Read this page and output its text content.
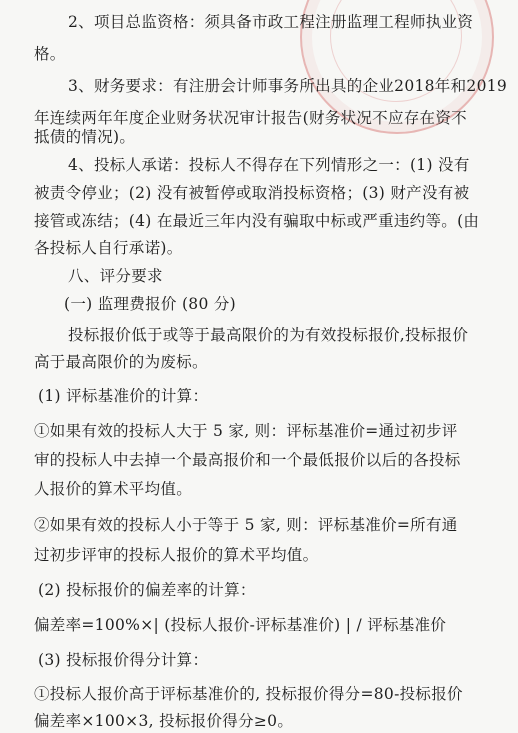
2、项目总监资格：须具备市政工程注册监理工程师执业资
格。
3、财务要求：有注册会计师事务所出具的企业2018年和2019
年连续两年年度企业财务状况审计报告(财务状况不应存在资不
抵债的情况)。
4、投标人承诺：投标人不得存在下列情形之一：(1) 没有
被责令停业；(2) 没有被暂停或取消投标资格；(3) 财产没有被
接管或冻结；(4) 在最近三年内没有骗取中标或严重违约等。(由
各投标人自行承诺)。
八、评分要求
(一) 监理费报价 (80 分)
投标报价低于或等于最高限价的为有效投标报价,投标报价
高于最高限价的为废标。
(1) 评标基准价的计算：
①如果有效的投标人大于 5 家, 则：评标基准价=通过初步评
审的投标人中去掉一个最高报价和一个最低报价以后的各投标
人报价的算术平均值。
②如果有效的投标人小于等于 5 家, 则：评标基准价=所有通
过初步评审的投标人报价的算术平均值。
(2) 投标报价的偏差率的计算：
偏差率=100%×| (投标人报价-评标基准价) | / 评标基准价
(3) 投标报价得分计算：
①投标人报价高于评标基准价的, 投标报价得分=80-投标报价
偏差率×100×3, 投标报价得分≥0。
